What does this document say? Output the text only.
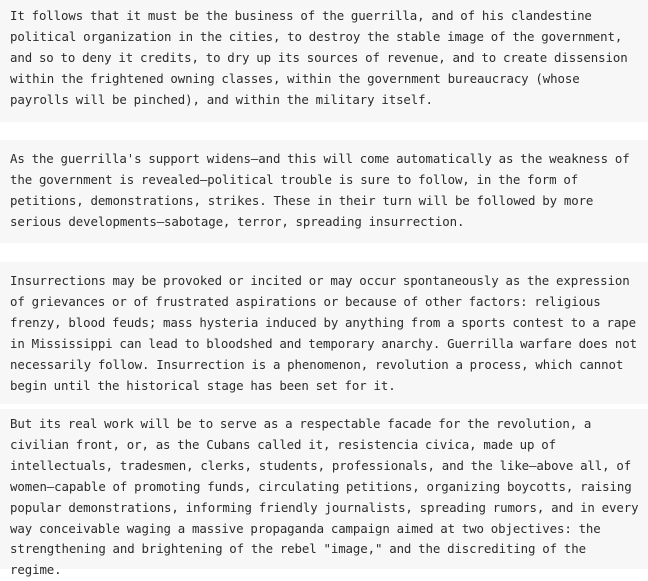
It follows that it must be the business of the guerrilla, and of his clandestine political organization in the cities, to destroy the stable image of the government, and so to deny it credits, to dry up its sources of revenue, and to create dissension within the frightened owning classes, within the government bureaucracy (whose payrolls will be pinched), and within the military itself.

As the guerrilla's support widens—and this will come automatically as the weakness of the government is revealed—political trouble is sure to follow, in the form of petitions, demonstrations, strikes. These in their turn will be followed by more serious developments—sabotage, terror, spreading insurrection.

Insurrections may be provoked or incited or may occur spontaneously as the expression of grievances or of frustrated aspirations or because of other factors: religious frenzy, blood feuds; mass hysteria induced by anything from a sports contest to a rape in Mississippi can lead to bloodshed and temporary anarchy. Guerrilla warfare does not necessarily follow. Insurrection is a phenomenon, revolution a process, which cannot begin until the historical stage has been set for it.

But its real work will be to serve as a respectable facade for the revolution, a civilian front, or, as the Cubans called it, resistencia civica, made up of intellectuals, tradesmen, clerks, students, professionals, and the like—above all, of women—capable of promoting funds, circulating petitions, organizing boycotts, raising popular demonstrations, informing friendly journalists, spreading rumors, and in every way conceivable waging a massive propaganda campaign aimed at two objectives: the strengthening and brightening of the rebel "image," and the discrediting of the regime.
